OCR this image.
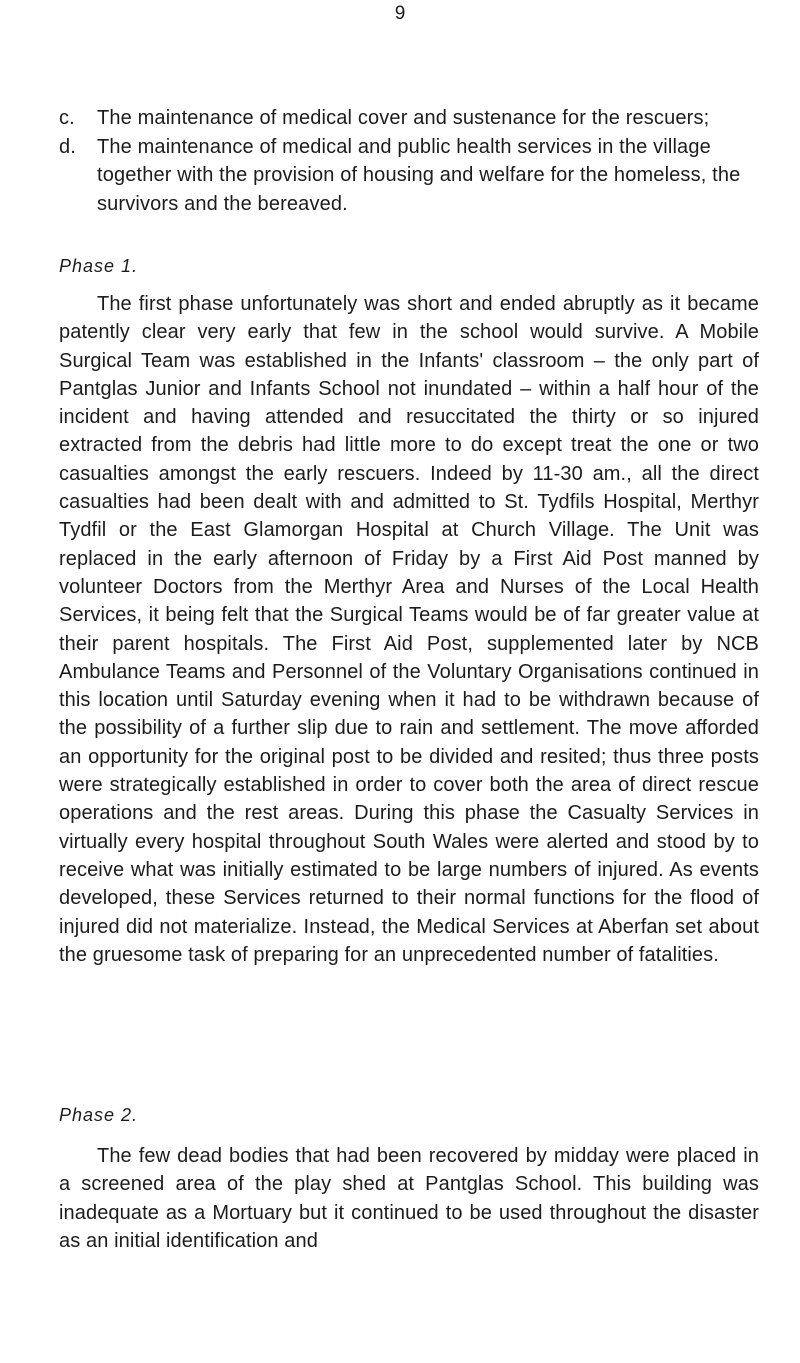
9
c.	The maintenance of medical cover and sustenance for the rescuers;
d.	The maintenance of medical and public health services in the village together with the provision of housing and welfare for the homeless, the survivors and the bereaved.
Phase 1.

The first phase unfortunately was short and ended abruptly as it became patently clear very early that few in the school would survive. A Mobile Surgical Team was established in the Infants' classroom – the only part of Pantglas Junior and Infants School not inundated – within a half hour of the incident and having attended and resuccitated the thirty or so injured extracted from the debris had little more to do except treat the one or two casualties amongst the early rescuers. Indeed by 11-30 am., all the direct casualties had been dealt with and admitted to St. Tydfils Hospital, Merthyr Tydfil or the East Glamorgan Hospital at Church Village. The Unit was replaced in the early afternoon of Friday by a First Aid Post manned by volunteer Doctors from the Merthyr Area and Nurses of the Local Health Services, it being felt that the Surgical Teams would be of far greater value at their parent hospitals. The First Aid Post, supplemented later by NCB Ambulance Teams and Personnel of the Voluntary Organisations continued in this location until Saturday evening when it had to be withdrawn because of the possibility of a further slip due to rain and settlement. The move afforded an opportunity for the original post to be divided and resited; thus three posts were strategically established in order to cover both the area of direct rescue operations and the rest areas. During this phase the Casualty Services in virtually every hospital throughout South Wales were alerted and stood by to receive what was initially estimated to be large numbers of injured. As events developed, these Services returned to their normal functions for the flood of injured did not materialize. Instead, the Medical Services at Aberfan set about the gruesome task of preparing for an unprecedented number of fatalities.

Phase 2.

The few dead bodies that had been recovered by midday were placed in a screened area of the play shed at Pantglas School. This building was inadequate as a Mortuary but it continued to be used throughout the disaster as an initial identification and
